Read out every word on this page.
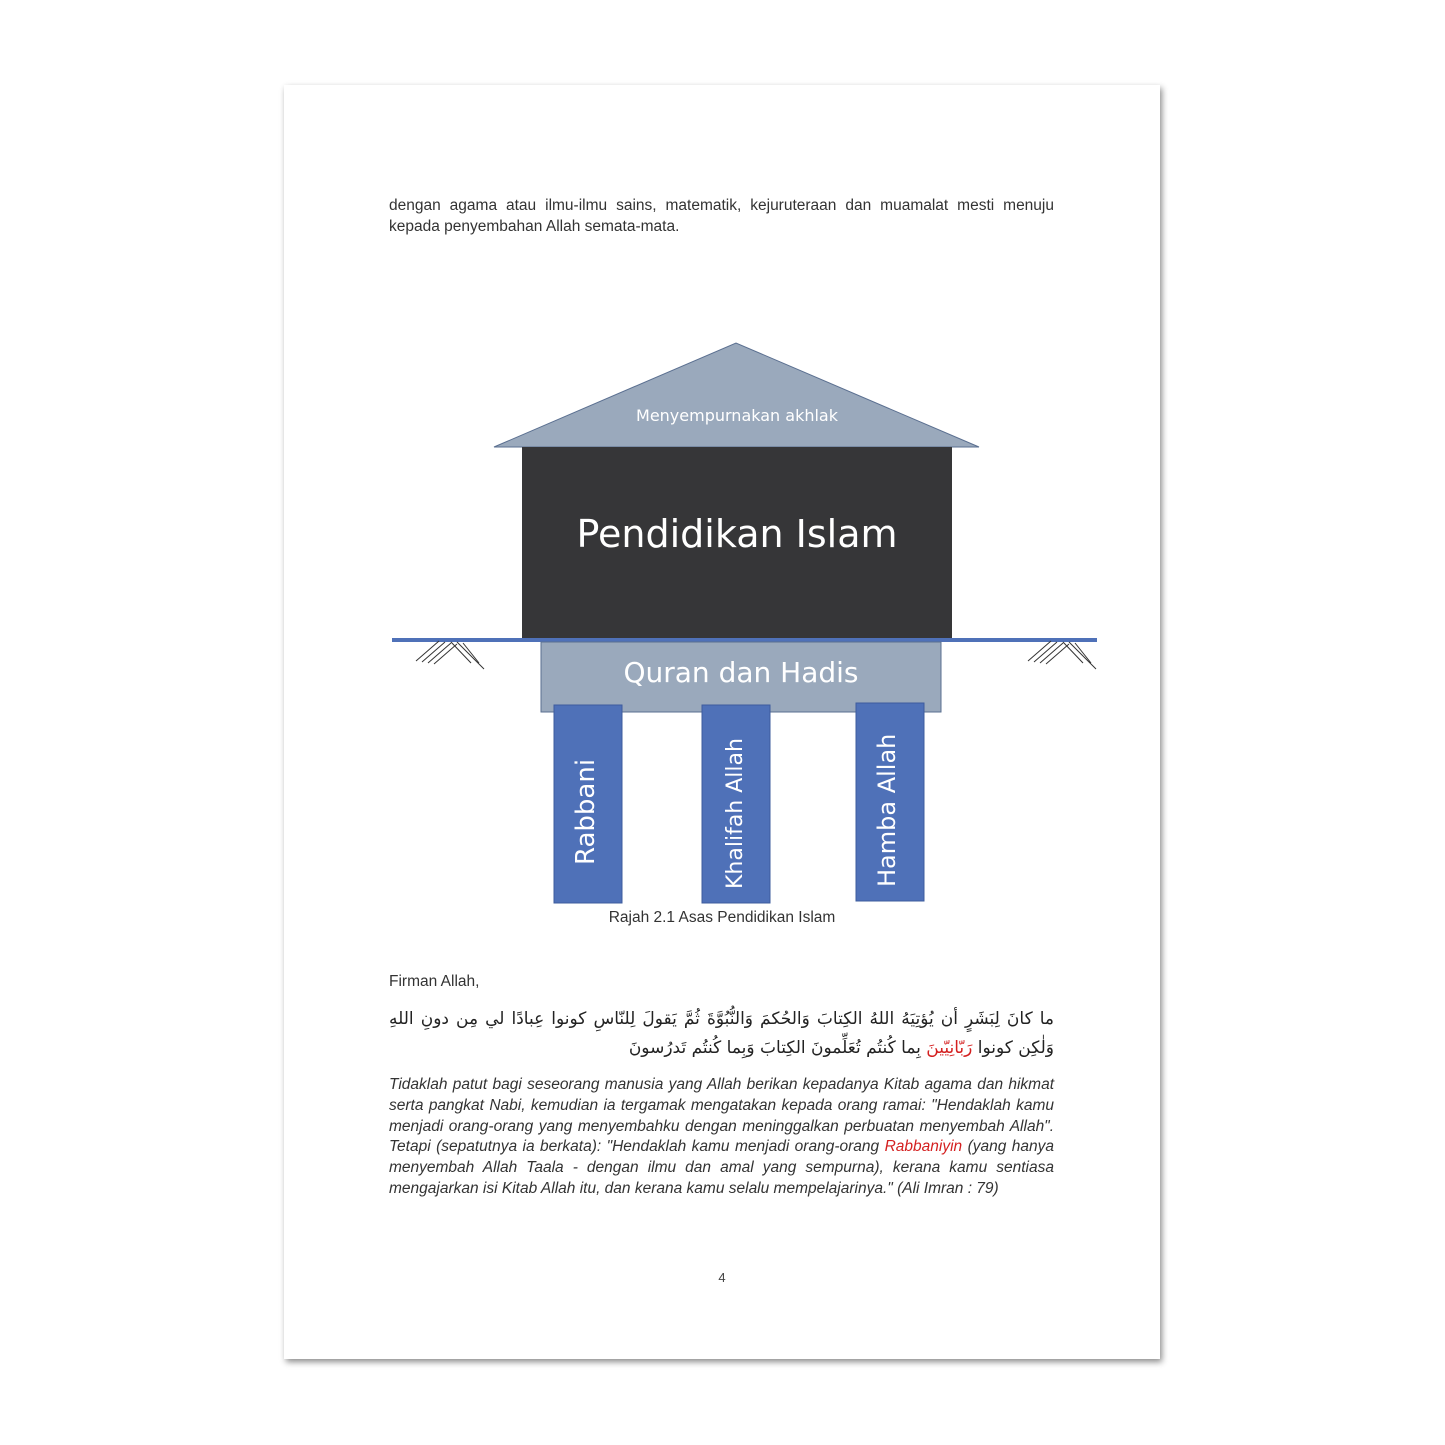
dengan agama atau ilmu-ilmu sains, matematik, kejuruteraan dan muamalat mesti menuju kepada penyembahan Allah semata-mata.

Menyempurnakan akhlak
Pendidikan Islam
Quran dan Hadis
Rabbani	Khalifah Allah	Hamba Allah

Rajah 2.1 Asas Pendidikan Islam

Firman Allah,

ما كانَ لِبَشَرٍ أن يُؤتِيَهُ اللهُ الكِتابَ وَالحُكمَ وَالنُّبُوَّةَ ثُمَّ يَقولَ لِلنّاسِ كونوا عِبادًا لي مِن دونِ اللهِ وَلٰكِن كونوا رَبّانِيّينَ بِما كُنتُم تُعَلِّمونَ الكِتابَ وَبِما كُنتُم تَدرُسونَ

Tidaklah patut bagi seseorang manusia yang Allah berikan kepadanya Kitab agama dan hikmat serta pangkat Nabi, kemudian ia tergamak mengatakan kepada orang ramai: "Hendaklah kamu menjadi orang-orang yang menyembahku dengan meninggalkan perbuatan menyembah Allah". Tetapi (sepatutnya ia berkata): "Hendaklah kamu menjadi orang-orang Rabbaniyin (yang hanya menyembah Allah Taala - dengan ilmu dan amal yang sempurna), kerana kamu sentiasa mengajarkan isi Kitab Allah itu, dan kerana kamu selalu mempelajarinya." (Ali Imran : 79)

4
